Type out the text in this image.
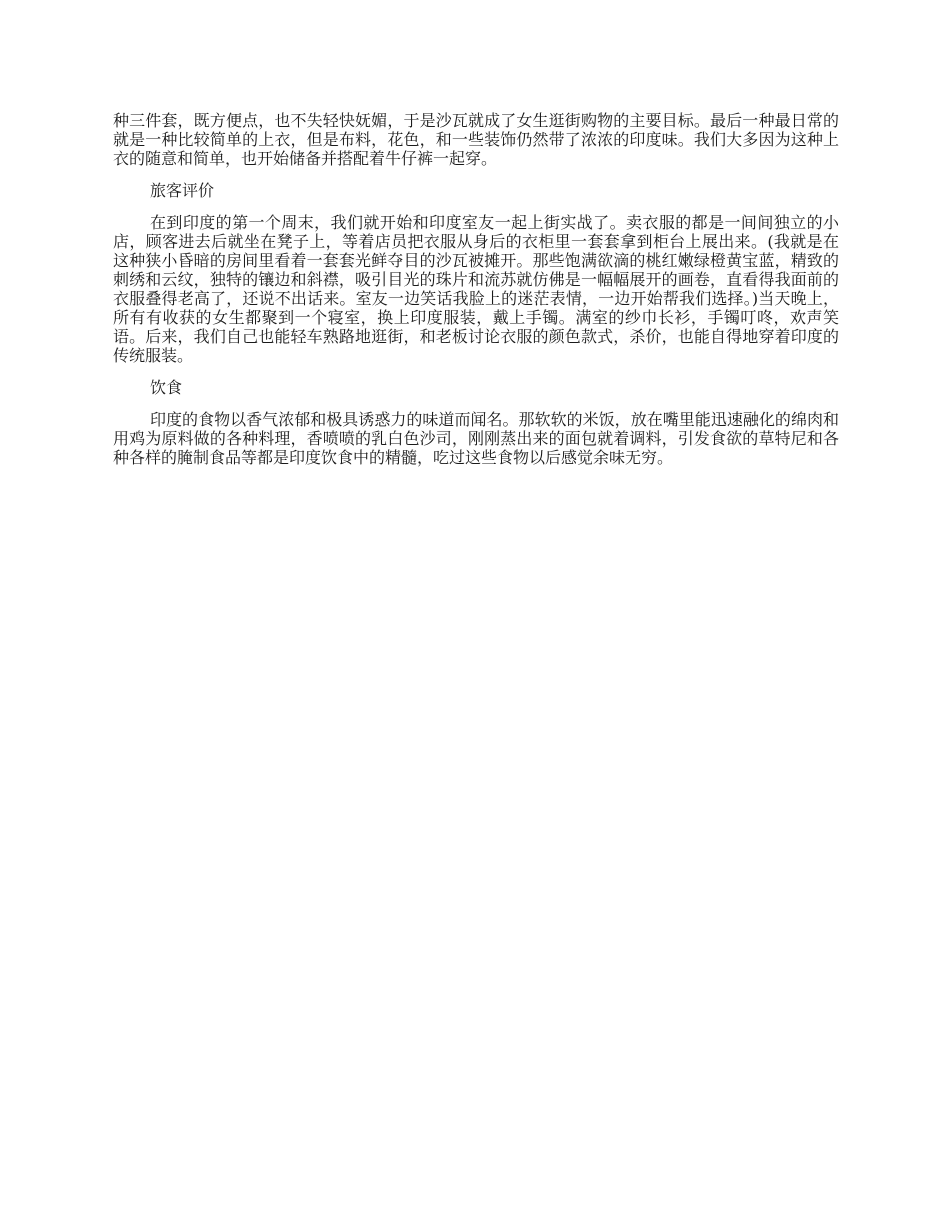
种三件套，既方便点，也不失轻快妩媚，于是沙瓦就成了女生逛街购物的主要目标。最后一种最日常的就是一种比较简单的上衣，但是布料，花色，和一些装饰仍然带了浓浓的印度味。我们大多因为这种上衣的随意和简单，也开始储备并搭配着牛仔裤一起穿。

旅客评价

在到印度的第一个周末，我们就开始和印度室友一起上街实战了。卖衣服的都是一间间独立的小店，顾客进去后就坐在凳子上，等着店员把衣服从身后的衣柜里一套套拿到柜台上展出来。(我就是在这种狭小昏暗的房间里看着一套套光鲜夺目的沙瓦被摊开。那些饱满欲滴的桃红嫩绿橙黄宝蓝，精致的刺绣和云纹，独特的镶边和斜襟，吸引目光的珠片和流苏就仿佛是一幅幅展开的画卷，直看得我面前的衣服叠得老高了，还说不出话来。室友一边笑话我脸上的迷茫表情，一边开始帮我们选择。)当天晚上，所有有收获的女生都聚到一个寝室，换上印度服装，戴上手镯。满室的纱巾长衫，手镯叮咚，欢声笑语。后来，我们自己也能轻车熟路地逛街，和老板讨论衣服的颜色款式，杀价，也能自得地穿着印度的传统服装。

饮食

印度的食物以香气浓郁和极具诱惑力的味道而闻名。那软软的米饭，放在嘴里能迅速融化的绵肉和用鸡为原料做的各种料理，香喷喷的乳白色沙司，刚刚蒸出来的面包就着调料，引发食欲的草特尼和各种各样的腌制食品等都是印度饮食中的精髓，吃过这些食物以后感觉余味无穷。
